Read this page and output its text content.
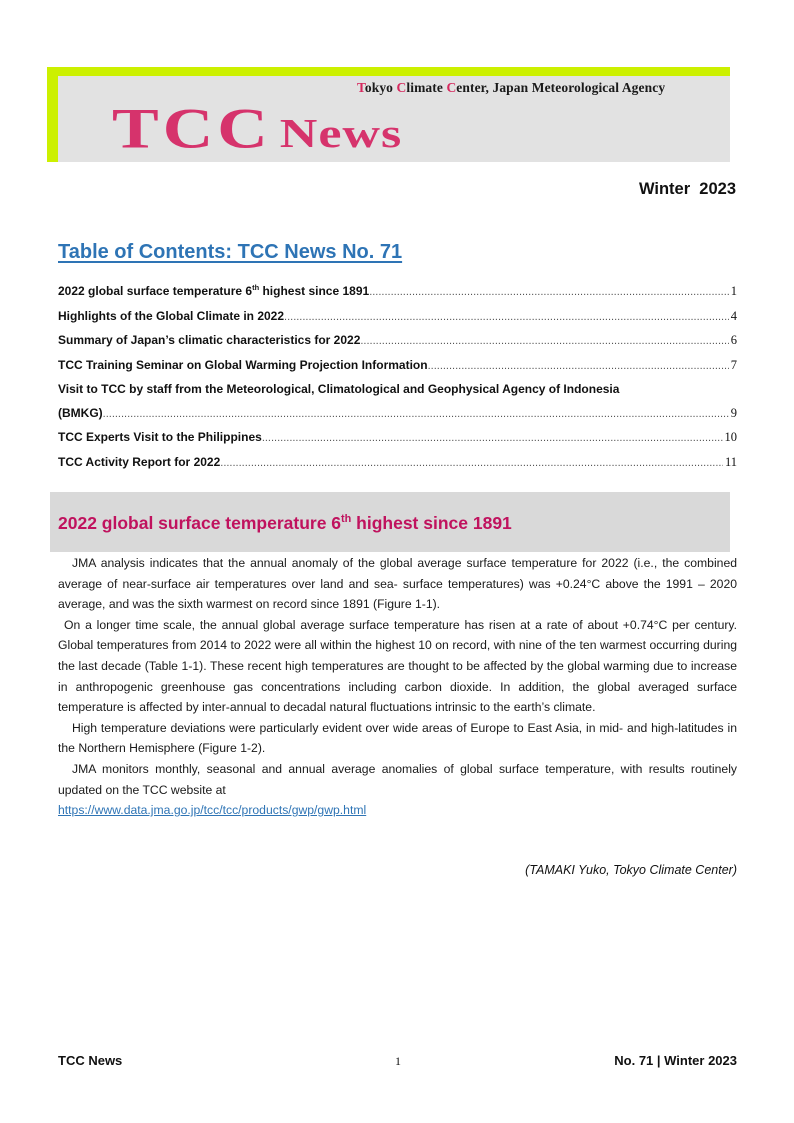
Tokyo Climate Center, Japan Meteorological Agency
TCC News
Winter  2023
Table of Contents: TCC News No. 71
2022 global surface temperature 6th highest since 1891 .....	1
Highlights of the Global Climate in 2022 .....	4
Summary of Japan’s climatic characteristics for 2022 .....	6
TCC Training Seminar on Global Warming Projection Information .....	7
Visit to TCC by staff from the Meteorological, Climatological and Geophysical Agency of Indonesia
(BMKG) .....	9
TCC Experts Visit to the Philippines .....	10
TCC Activity Report for 2022 .....	11
2022 global surface temperature 6th highest since 1891

JMA analysis indicates that the annual anomaly of the global average surface temperature for 2022 (i.e., the combined average of near-surface air temperatures over land and sea- surface temperatures) was +0.24°C above the 1991 – 2020 average, and was the sixth warmest on record since 1891 (Figure 1-1).

On a longer time scale, the annual global average surface temperature has risen at a rate of about +0.74°C per century. Global temperatures from 2014 to 2022 were all within the highest 10 on record, with nine of the ten warmest occurring during the last decade (Table 1-1). These recent high temperatures are thought to be affected by the global warming due to increase in anthropogenic greenhouse gas concentrations including carbon dioxide. In addition, the global averaged surface temperature is affected by inter-annual to decadal natural fluctuations intrinsic to the earth’s climate.

High temperature deviations were particularly evident over wide areas of Europe to East Asia, in mid- and high-latitudes in the Northern Hemisphere (Figure 1-2).

JMA monitors monthly, seasonal and annual average anomalies of global surface temperature, with results routinely updated on the TCC website at

https://www.data.jma.go.jp/tcc/tcc/products/gwp/gwp.html

(TAMAKI Yuko, Tokyo Climate Center)
TCC News	1	No. 71 | Winter 2023
